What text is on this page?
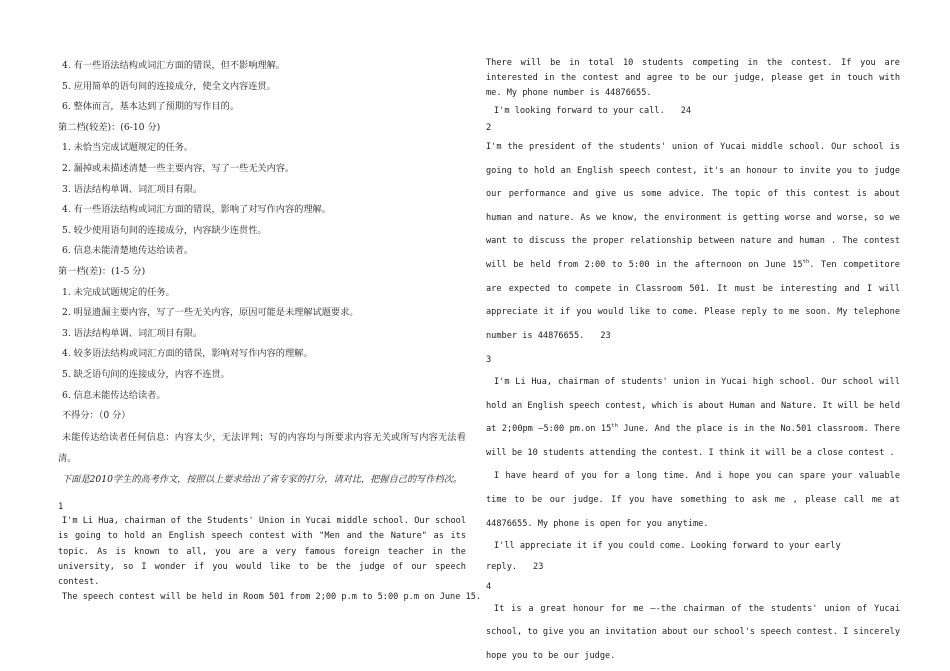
4. 有一些语法结构或词汇方面的错误，但不影响理解。
5. 应用简单的语句间的连接成分，使全文内容连贯。
6. 整体而言，基本达到了预期的写作目的。
第二档(较差)：(6-10 分)
1. 未恰当完成试题规定的任务。
2. 漏掉或未描述清楚一些主要内容，写了一些无关内容。
3. 语法结构单调、词汇项目有限。
4. 有一些语法结构或词汇方面的错误，影响了对写作内容的理解。
5. 较少使用语句间的连接成分，内容缺少连贯性。
6. 信息未能清楚地传达给读者。
第一档(差)：(1-5 分)
1. 未完成试题规定的任务。
2. 明显遗漏主要内容，写了一些无关内容，原因可能是未理解试题要求。
3. 语法结构单调、词汇项目有限。
4. 较多语法结构或词汇方面的错误，影响对写作内容的理解。
5. 缺乏语句间的连接成分，内容不连贯。
6. 信息未能传达给读者。
不得分：（0 分）
未能传达给读者任何信息：内容太少，无法评判；写的内容均与所要求内容无关或所写内容无法看清。
下面是2010学生的高考作文，按照以上要求给出了省专家的打分，请对比，把握自己的写作档次。
1
I'm Li Hua, chairman of the Students' Union in Yucai middle school. Our school is going to hold an English speech contest with "Men and the Nature" as its topic. As is known to all, you are a very famous foreign teacher in the university, so I wonder if you would like to be the judge of our speech contest.
The speech contest will be held in Room 501 from 2;00 p.m to 5:00 p.m on June 15.
There will be in total 10 students competing in the contest. If you are interested in the contest and agree to be our judge, please get in touch with me. My phone number is 44876655.
I'm looking forward to your call. 24
2
I'm the president of the students' union of Yucai middle school. Our school is going to hold an English speech contest, it's an honour to invite you to judge our performance and give us some advice. The topic of this contest is about human and nature. As we know, the environment is getting worse and worse, so we want to discuss the proper relationship between nature and human . The contest will be held from 2:00 to 5:00 in the afternoon on June 15th. Ten competitore are expected to compete in Classroom 501. It must be interesting and I will appreciate it if you would like to come. Please reply to me soon. My telephone number is 44876655. 23
3
I'm Li Hua, chairman of students' union in Yucai high school. Our school will hold an English speech contest, which is about Human and Nature. It will be held at 2;00pm —5:00 pm.on 15th June. And the place is in the No.501 classroom. There will be 10 students attending the contest. I think it will be a close contest .
I have heard of you for a long time. And i hope you can spare your valuable time to be our judge. If you have something to ask me , please call me at 44876655. My phone is open for you anytime.
I'll appreciate it if you could come. Looking forward to your early reply. 23
4
It is a great honour for me —-the chairman of the students' union of Yucai school, to give you an invitation about our school's speech contest. I sincerely hope you to be our judge.
